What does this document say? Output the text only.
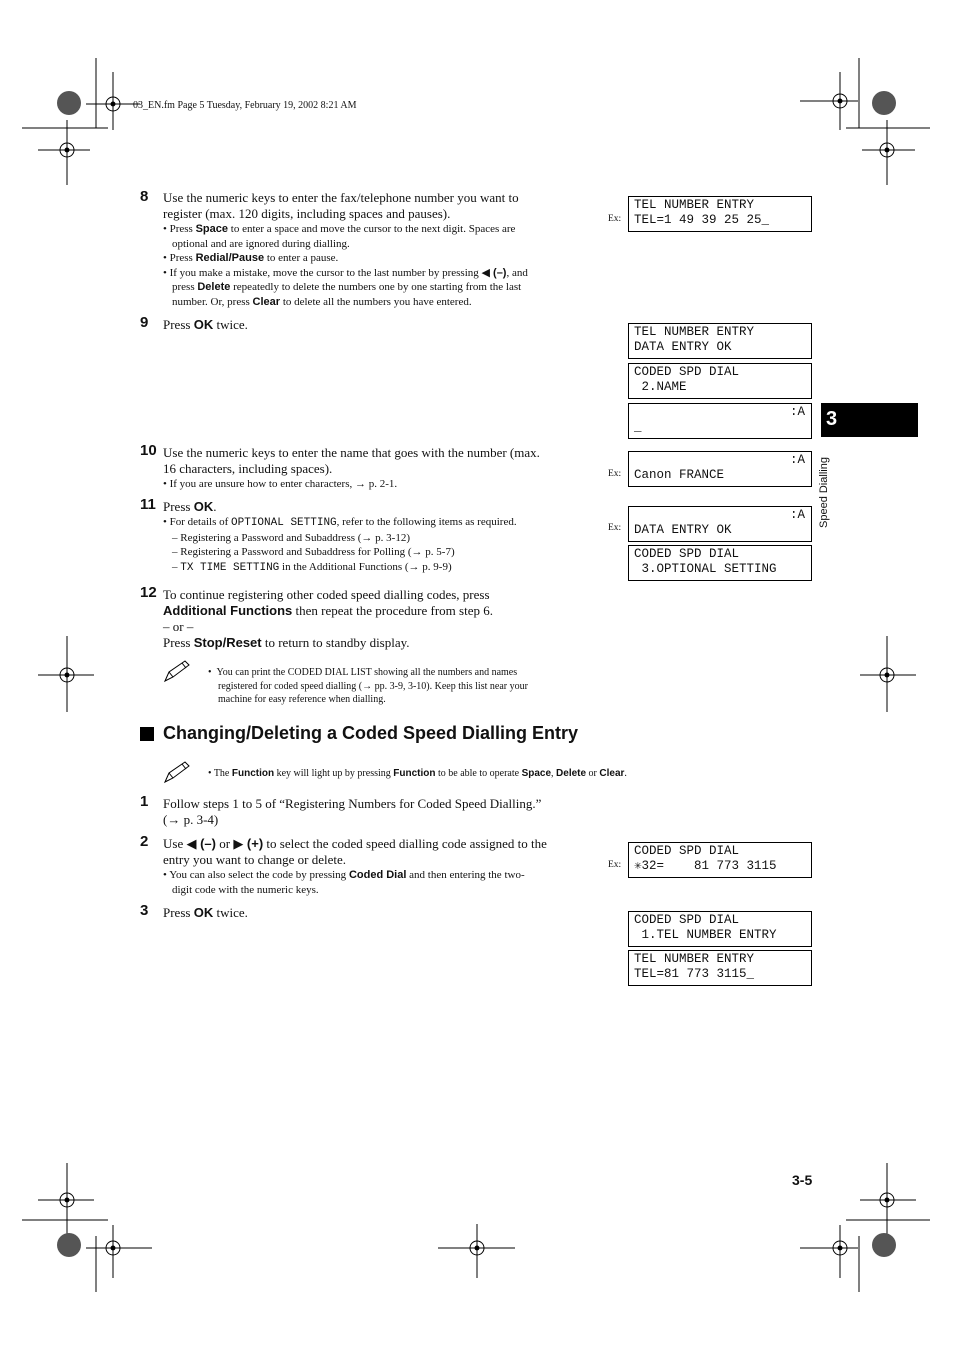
03_EN.fm Page 5 Tuesday, February 19, 2002 8:21 AM
3
Speed Dialling
8 Use the numeric keys to enter the fax/telephone number you want to
register (max. 120 digits, including spaces and pauses).
• Press Space to enter a space and move the cursor to the next digit. Spaces are
optional and are ignored during dialling.
• Press Redial/Pause to enter a pause.
• If you make a mistake, move the cursor to the last number by pressing ◀ (–), and
press Delete repeatedly to delete the numbers one by one starting from the last
number. Or, press Clear to delete all the numbers you have entered.
9 Press OK twice.
10 Use the numeric keys to enter the name that goes with the number (max.
16 characters, including spaces).
• If you are unsure how to enter characters, → p. 2-1.
11 Press OK.
• For details of OPTIONAL SETTING, refer to the following items as required.
– Registering a Password and Subaddress (→ p. 3-12)
– Registering a Password and Subaddress for Polling (→ p. 5-7)
– TX TIME SETTING in the Additional Functions (→ p. 9-9)
12 To continue registering other coded speed dialling codes, press
Additional Functions then repeat the procedure from step 6.
– or –
Press Stop/Reset to return to standby display.
•  You can print the CODED DIAL LIST showing all the numbers and names
registered for coded speed dialling (→ pp. 3-9, 3-10). Keep this list near your
machine for easy reference when dialling.
Changing/Deleting a Coded Speed Dialling Entry
• The Function key will light up by pressing Function to be able to operate Space, Delete or Clear.
1 Follow steps 1 to 5 of “Registering Numbers for Coded Speed Dialling.”
(→ p. 3-4)
2 Use ◀ (–) or ▶ (+) to select the coded speed dialling code assigned to the
entry you want to change or delete.
• You can also select the code by pressing Coded Dial and then entering the two-
digit code with the numeric keys.
3 Press OK twice.
Ex:
TEL NUMBER ENTRY
TEL=1 49 39 25 25_
TEL NUMBER ENTRY
DATA ENTRY OK
CODED SPD DIAL
2.NAME
:A
_
Ex:
:A
Canon FRANCE
Ex:
:A
DATA ENTRY OK
CODED SPD DIAL
3.OPTIONAL SETTING
Ex:
CODED SPD DIAL
✳32=    81 773 3115
CODED SPD DIAL
1.TEL NUMBER ENTRY
TEL NUMBER ENTRY
TEL=81 773 3115_
3-5
